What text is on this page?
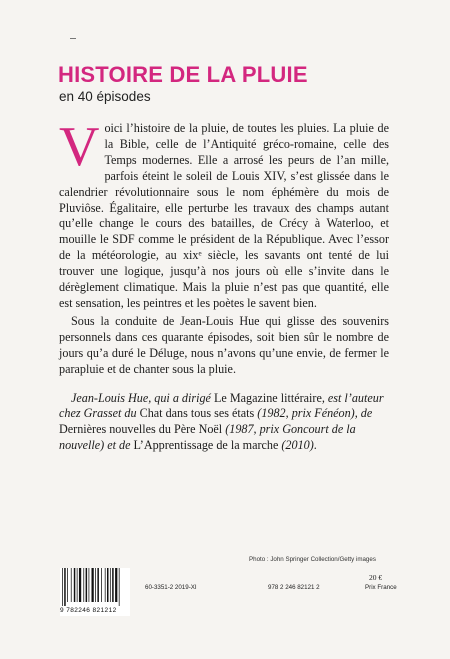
HISTOIRE DE LA PLUIE
en 40 épisodes

Voici l’histoire de la pluie, de toutes les pluies. La pluie de la Bible, celle de l’Antiquité gréco-romaine, celle des Temps modernes. Elle a arrosé les peurs de l’an mille, parfois éteint le soleil de Louis XIV, s’est glissée dans le calendrier révolutionnaire sous le nom éphémère du mois de Pluviôse. Égalitaire, elle perturbe les travaux des champs autant qu’elle change le cours des batailles, de Crécy à Waterloo, et mouille le SDF comme le président de la République. Avec l’essor de la météorologie, au xixᵉ siècle, les savants ont tenté de lui trouver une logique, jusqu’à nos jours où elle s’invite dans le dérèglement climatique. Mais la pluie n’est pas que quantité, elle est sensation, les peintres et les poètes le savent bien.

Sous la conduite de Jean-Louis Hue qui glisse des souvenirs personnels dans ces quarante épisodes, soit bien sûr le nombre de jours qu’a duré le Déluge, nous n’avons qu’une envie, de fermer le parapluie et de chanter sous la pluie.

Jean-Louis Hue, qui a dirigé Le Magazine littéraire, est l’auteur chez Grasset du Chat dans tous ses états (1982, prix Fénéon), de Dernières nouvelles du Père Noël (1987, prix Goncourt de la nouvelle) et de L’Apprentissage de la marche (2010).

Photo : John Springer Collection/Getty images
9 782246 821212
60-3351-2 2019-XI	978 2 246 82121 2
20 €
Prix France
